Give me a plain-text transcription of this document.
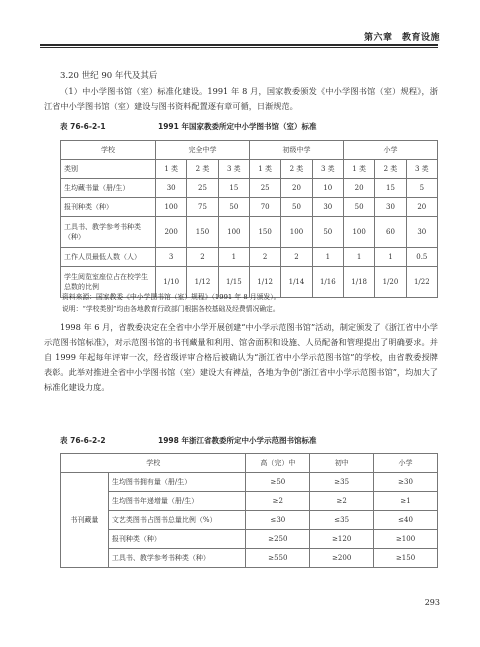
第六章　教育设施
3.20 世纪 90 年代及其后

（1）中小学图书馆（室）标准化建设。1991 年 8 月，国家教委颁发《中小学图书馆（室）规程》，浙江省中小学图书馆（室）建设与图书资料配置逐有章可循，日渐规范。

表 76-6-2-1	1991 年国家教委所定中小学图书馆（室）标准
学校	完全中学			初级中学			小学		
类别	1 类	2 类	3 类	1 类	2 类	3 类	1 类	2 类	3 类
生均藏书量（册/生）	30	25	15	25	20	10	20	15	5
报刊种类（种）	100	75	50	70	50	30	50	30	20
工具书、教学参考书种类（种）	200	150	100	150	100	50	100	60	30
工作人员最低人数（人）	3	2	1	2	2	1	1	1	0.5
学生阅览室座位占在校学生总数的比例	1/10	1/12	1/15	1/12	1/14	1/16	1/18	1/20	1/22
资料来源：国家教委《中小学图书馆（室）规程》（1991 年 8 月颁发）。
说明：“学校类别”均由各地教育行政部门根据各校基础及经费情况确定。

1998 年 6 月，省教委决定在全省中小学开展创建“中小学示范图书馆”活动，制定颁发了《浙江省中小学示范图书馆标准》，对示范图书馆的书刊藏量和利用、馆舍面积和设施、人员配备和管理提出了明确要求。并自 1999 年起每年评审一次，经省级评审合格后被确认为“浙江省中小学示范图书馆”的学校，由省教委授牌表彰。此举对推进全省中小学图书馆（室）建设大有裨益，各地为争创“浙江省中小学示范图书馆”，均加大了标准化建设力度。

表 76-6-2-2	1998 年浙江省教委所定中小学示范图书馆标准
学校		高（完）中	初中	小学
书刊藏量	生均图书拥有量（册/生）	≥50	≥35	≥30
	生均图书年递增量（册/生）	≥2	≥2	≥1
	文艺类图书占图书总量比例（%）	≤30	≤35	≤40
	报刊种类（种）	≥250	≥120	≥100
	工具书、教学参考书种类（种）	≥550	≥200	≥150
293
